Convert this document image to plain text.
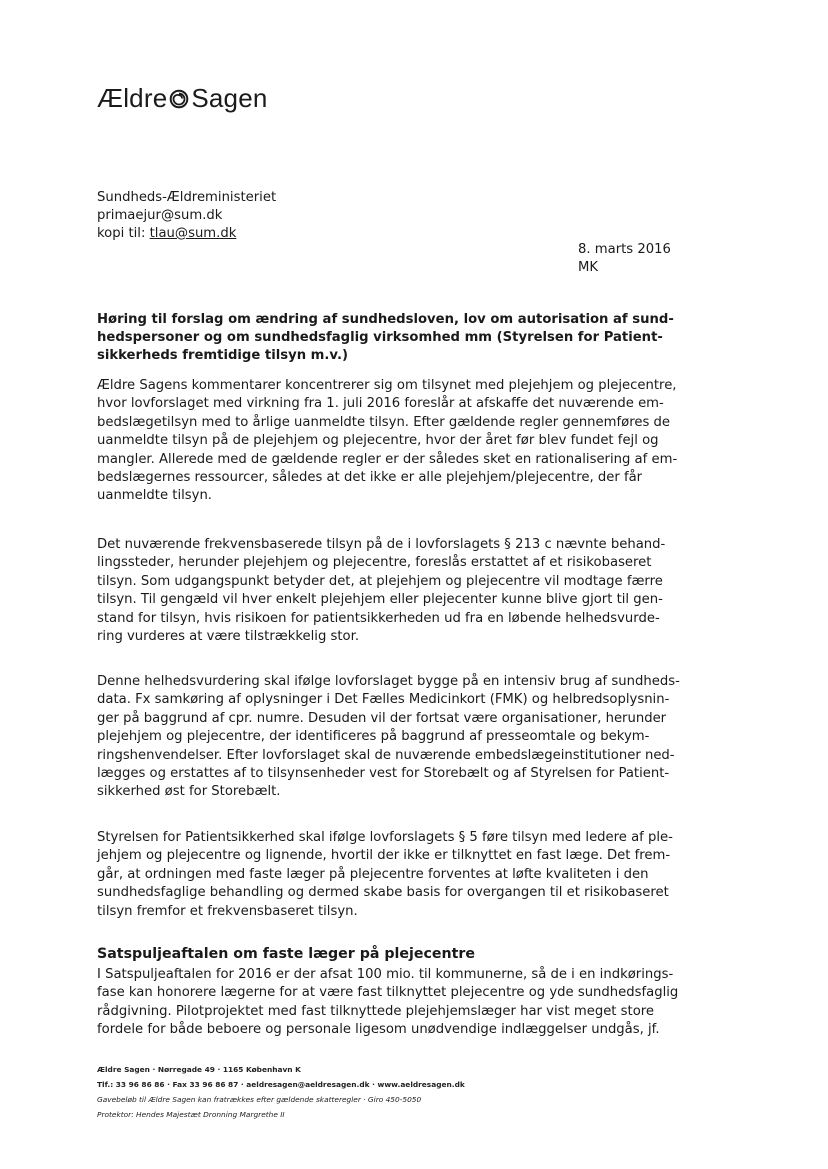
Ældre Sagen
Sundheds-Ældreministeriet
primaejur@sum.dk
kopi til: tlau@sum.dk
8. marts 2016
MK
Høring til forslag om ændring af sundhedsloven, lov om autorisation af sund-
hedspersoner og om sundhedsfaglig virksomhed mm (Styrelsen for Patient-
sikkerheds fremtidige tilsyn m.v.)
Ældre Sagens kommentarer koncentrerer sig om tilsynet med plejehjem og plejecentre,
hvor lovforslaget med virkning fra 1. juli 2016 foreslår at afskaffe det nuværende em-
bedslægetilsyn med to årlige uanmeldte tilsyn. Efter gældende regler gennemføres de
uanmeldte tilsyn på de plejehjem og plejecentre, hvor der året før blev fundet fejl og
mangler. Allerede med de gældende regler er der således sket en rationalisering af em-
bedslægernes ressourcer, således at det ikke er alle plejehjem/plejecentre, der får
uanmeldte tilsyn.
Det nuværende frekvensbaserede tilsyn på de i lovforslagets § 213 c nævnte behand-
lingssteder, herunder plejehjem og plejecentre, foreslås erstattet af et risikobaseret
tilsyn. Som udgangspunkt betyder det, at plejehjem og plejecentre vil modtage færre
tilsyn. Til gengæld vil hver enkelt plejehjem eller plejecenter kunne blive gjort til gen-
stand for tilsyn, hvis risikoen for patientsikkerheden ud fra en løbende helhedsvurde-
ring vurderes at være tilstrækkelig stor.
Denne helhedsvurdering skal ifølge lovforslaget bygge på en intensiv brug af sundheds-
data. Fx samkøring af oplysninger i Det Fælles Medicinkort (FMK) og helbredsoplysnin-
ger på baggrund af cpr. numre. Desuden vil der fortsat være organisationer, herunder
plejehjem og plejecentre, der identificeres på baggrund af presseomtale og bekym-
ringshenvendelser. Efter lovforslaget skal de nuværende embedslægeinstitutioner ned-
lægges og erstattes af to tilsynsenheder vest for Storebælt og af Styrelsen for Patient-
sikkerhed øst for Storebælt.
Styrelsen for Patientsikkerhed skal ifølge lovforslagets § 5 føre tilsyn med ledere af ple-
jehjem og plejecentre og lignende, hvortil der ikke er tilknyttet en fast læge. Det frem-
går, at ordningen med faste læger på plejecentre forventes at løfte kvaliteten i den
sundhedsfaglige behandling og dermed skabe basis for overgangen til et risikobaseret
tilsyn fremfor et frekvensbaseret tilsyn.
Satspuljeaftalen om faste læger på plejecentre
I Satspuljeaftalen for 2016 er der afsat 100 mio. til kommunerne, så de i en indkørings-
fase kan honorere lægerne for at være fast tilknyttet plejecentre og yde sundhedsfaglig
rådgivning. Pilotprojektet med fast tilknyttede plejehjemslæger har vist meget store
fordele for både beboere og personale ligesom unødvendige indlæggelser undgås, jf.
Ældre Sagen · Nørregade 49 · 1165 København K
Tlf.: 33 96 86 86 · Fax 33 96 86 87 · aeldresagen@aeldresagen.dk · www.aeldresagen.dk
Gavebeløb til Ældre Sagen kan fratrækkes efter gældende skatteregler · Giro 450-5050
Protektor: Hendes Majestæt Dronning Margrethe II
